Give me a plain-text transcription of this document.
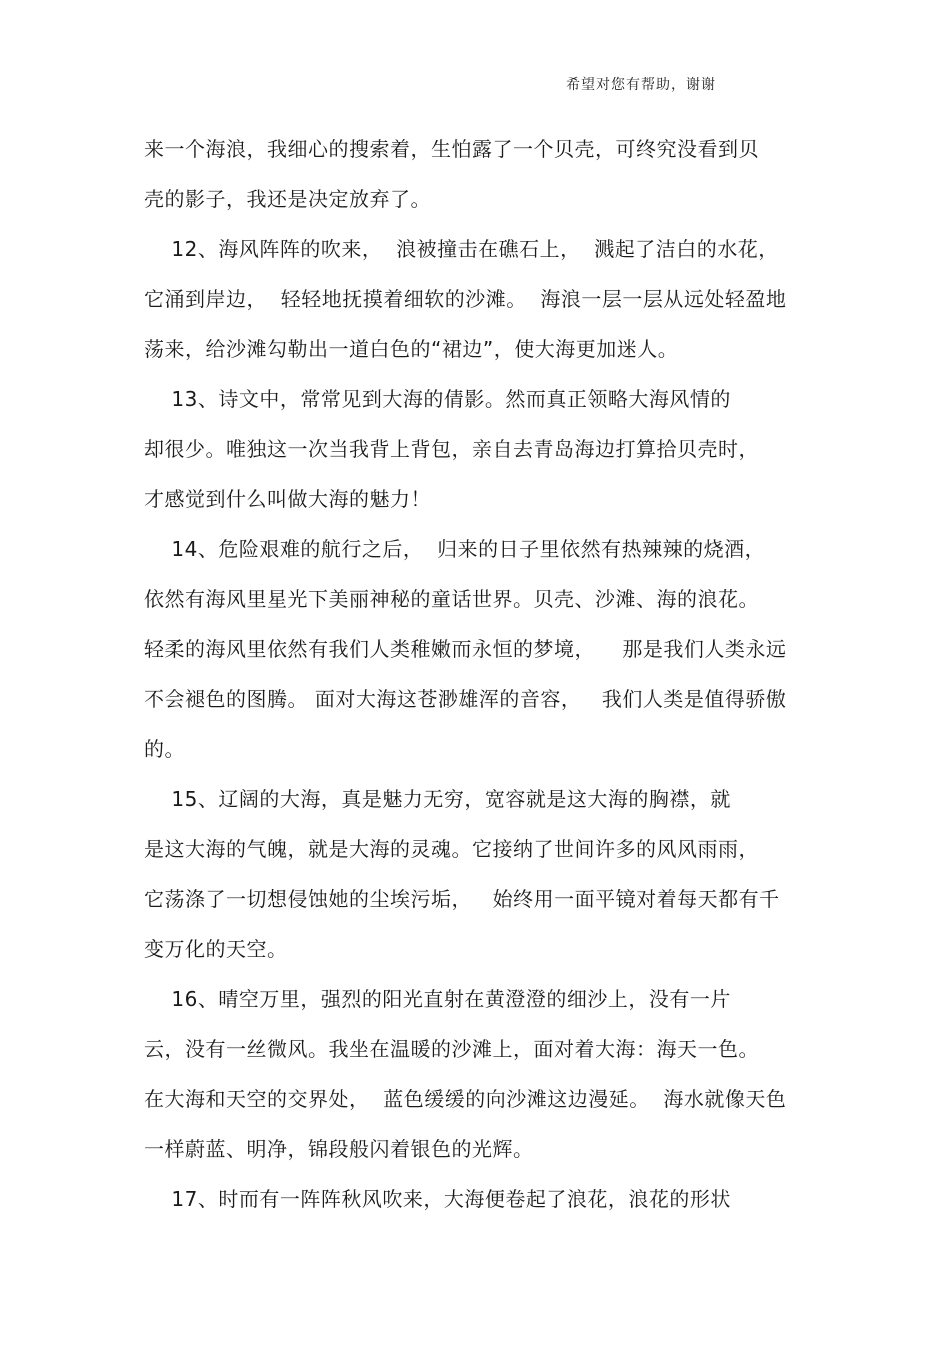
希望对您有帮助，谢谢
来一个海浪，我细心的搜索着，生怕露了一个贝壳，可终究没看到贝
壳的影子，我还是决定放弃了。
12、海风阵阵的吹来，  浪被撞击在礁石上，  溅起了洁白的水花，
它涌到岸边，  轻轻地抚摸着细软的沙滩。  海浪一层一层从远处轻盈地
荡来，给沙滩勾勒出一道白色的“裙边”，使大海更加迷人。
13、诗文中，常常见到大海的倩影。然而真正领略大海风情的
却很少。唯独这一次当我背上背包，亲自去青岛海边打算拾贝壳时，
才感觉到什么叫做大海的魅力！
14、危险艰难的航行之后，  归来的日子里依然有热辣辣的烧酒，
依然有海风里星光下美丽神秘的童话世界。贝壳、沙滩、海的浪花。
轻柔的海风里依然有我们人类稚嫩而永恒的梦境，    那是我们人类永远
不会褪色的图腾。 面对大海这苍渺雄浑的音容，   我们人类是值得骄傲
的。
15、辽阔的大海，真是魅力无穷，宽容就是这大海的胸襟，就
是这大海的气魄，就是大海的灵魂。它接纳了世间许多的风风雨雨，
它荡涤了一切想侵蚀她的尘埃污垢，   始终用一面平镜对着每天都有千
变万化的天空。
16、晴空万里，强烈的阳光直射在黄澄澄的细沙上，没有一片
云，没有一丝微风。我坐在温暖的沙滩上，面对着大海：海天一色。
在大海和天空的交界处，  蓝色缓缓的向沙滩这边漫延。  海水就像天色
一样蔚蓝、明净，锦段般闪着银色的光辉。
17、时而有一阵阵秋风吹来，大海便卷起了浪花，浪花的形状
